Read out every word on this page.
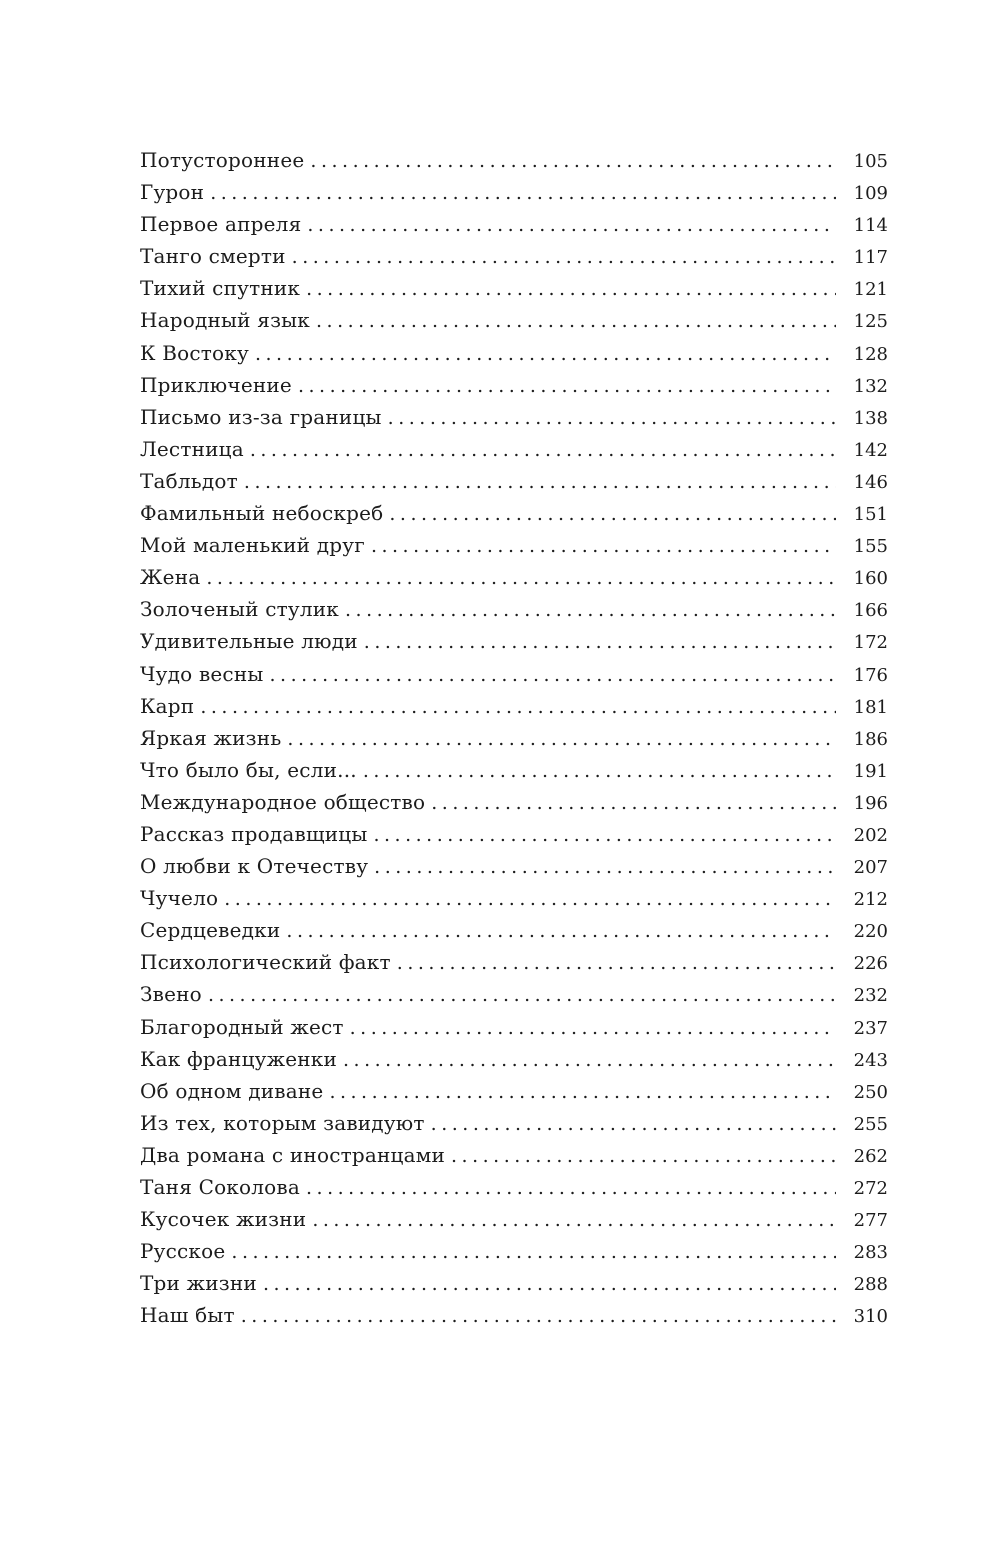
Потустороннее .....	105
Гурон .....	109
Первое апреля .....	114
Танго смерти .....	117
Тихий спутник .....	121
Народный язык .....	125
К Востоку .....	128
Приключение .....	132
Письмо из-за границы .....	138
Лестница .....	142
Табльдот .....	146
Фамильный небоскреб .....	151
Мой маленький друг .....	155
Жена .....	160
Золоченый стулик .....	166
Удивительные люди .....	172
Чудо весны .....	176
Карп .....	181
Яркая жизнь .....	186
Что было бы, если... .....	191
Международное общество .....	196
Рассказ продавщицы .....	202
О любви к Отечеству .....	207
Чучело .....	212
Сердцеведки .....	220
Психологический факт .....	226
Звено .....	232
Благородный жест .....	237
Как француженки .....	243
Об одном диване .....	250
Из тех, которым завидуют .....	255
Два романа с иностранцами .....	262
Таня Соколова .....	272
Кусочек жизни .....	277
Русское .....	283
Три жизни .....	288
Наш быт .....	310
